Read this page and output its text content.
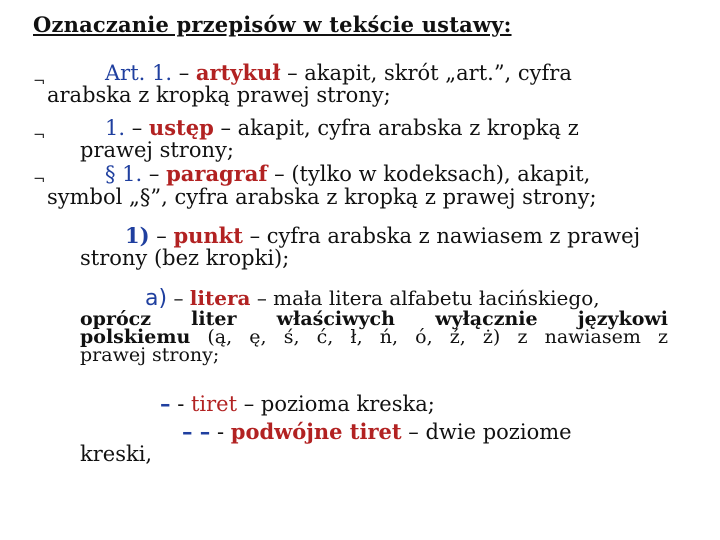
Oznaczanie przepisów w tekście ustawy:
¬	Art. 1. – artykuł – akapit, skrót „art.”, cyfra
arabska z kropką prawej strony;
¬	1. – ustęp – akapit, cyfra arabska z kropką z
prawej strony;
¬	§ 1. – paragraf – (tylko w kodeksach), akapit,
symbol „§”, cyfra arabska z kropką z prawej strony;
1) – punkt – cyfra arabska z nawiasem z prawej
strony (bez kropki);
a) – litera – mała litera alfabetu łacińskiego,
oprócz liter właściwych wyłącznie językowi
polskiemu (ą, ę, ś, ć, ł, ń, ó, ź, ż) z nawiasem z
prawej strony;
– - tiret – pozioma kreska;
– – - podwójne tiret – dwie poziome
kreski,
